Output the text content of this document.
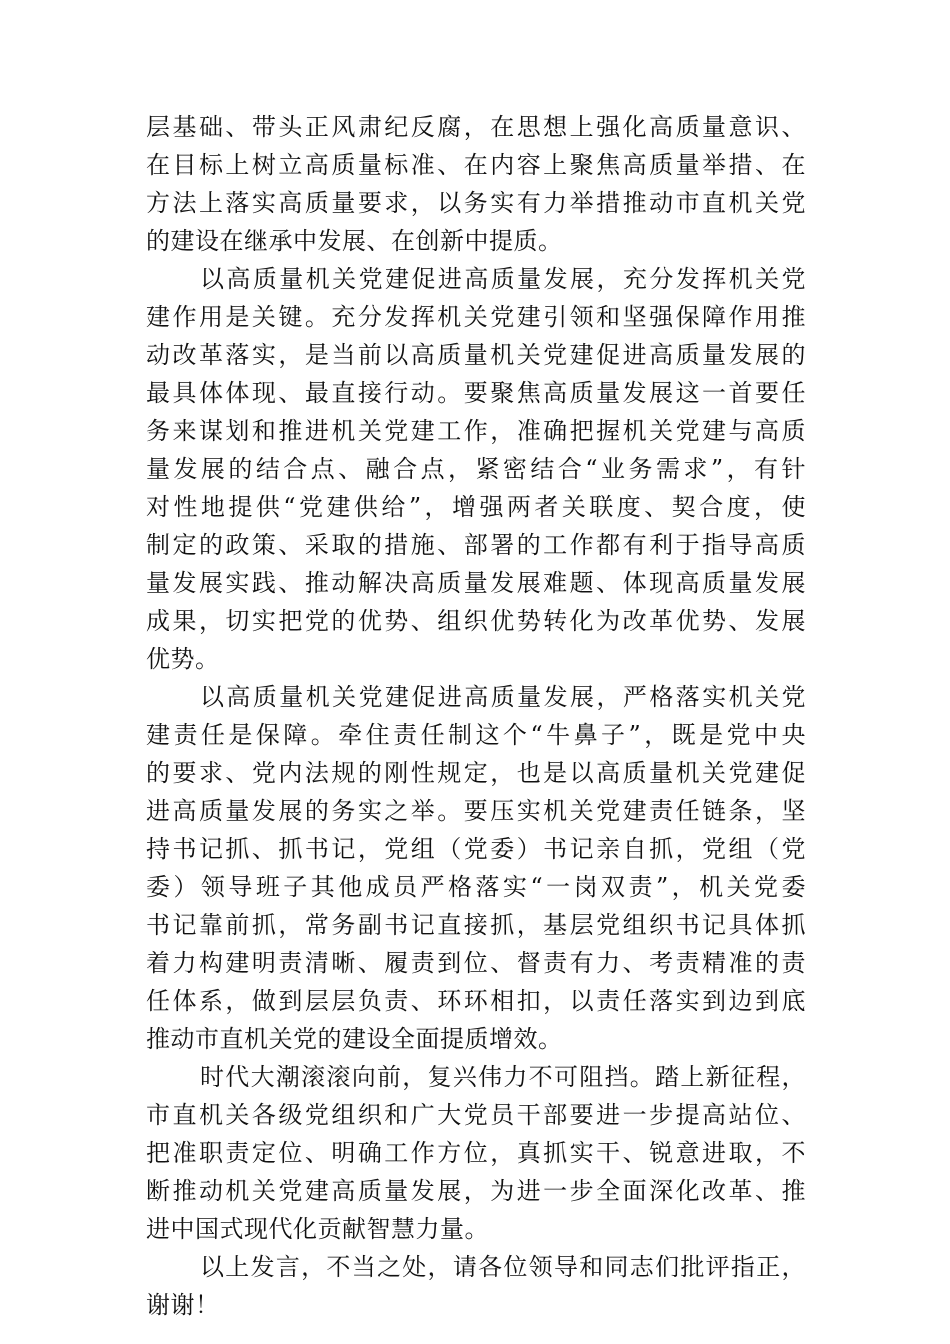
层基础、带头正风肃纪反腐，在思想上强化高质量意识、
在目标上树立高质量标准、在内容上聚焦高质量举措、在
方法上落实高质量要求，以务实有力举措推动市直机关党
的建设在继承中发展、在创新中提质。
以高质量机关党建促进高质量发展，充分发挥机关党
建作用是关键。充分发挥机关党建引领和坚强保障作用推
动改革落实，是当前以高质量机关党建促进高质量发展的
最具体体现、最直接行动。要聚焦高质量发展这一首要任
务来谋划和推进机关党建工作，准确把握机关党建与高质
量发展的结合点、融合点，紧密结合“业务需求”，有针
对性地提供“党建供给”，增强两者关联度、契合度，使
制定的政策、采取的措施、部署的工作都有利于指导高质
量发展实践、推动解决高质量发展难题、体现高质量发展
成果，切实把党的优势、组织优势转化为改革优势、发展
优势。
以高质量机关党建促进高质量发展，严格落实机关党
建责任是保障。牵住责任制这个“牛鼻子”，既是党中央
的要求、党内法规的刚性规定，也是以高质量机关党建促
进高质量发展的务实之举。要压实机关党建责任链条，坚
持书记抓、抓书记，党组（党委）书记亲自抓，党组（党
委）领导班子其他成员严格落实“一岗双责”，机关党委
书记靠前抓，常务副书记直接抓，基层党组织书记具体抓
着力构建明责清晰、履责到位、督责有力、考责精准的责
任体系，做到层层负责、环环相扣，以责任落实到边到底
推动市直机关党的建设全面提质增效。
时代大潮滚滚向前，复兴伟力不可阻挡。踏上新征程，
市直机关各级党组织和广大党员干部要进一步提高站位、
把准职责定位、明确工作方位，真抓实干、锐意进取，不
断推动机关党建高质量发展，为进一步全面深化改革、推
进中国式现代化贡献智慧力量。
以上发言，不当之处，请各位领导和同志们批评指正，
谢谢！
